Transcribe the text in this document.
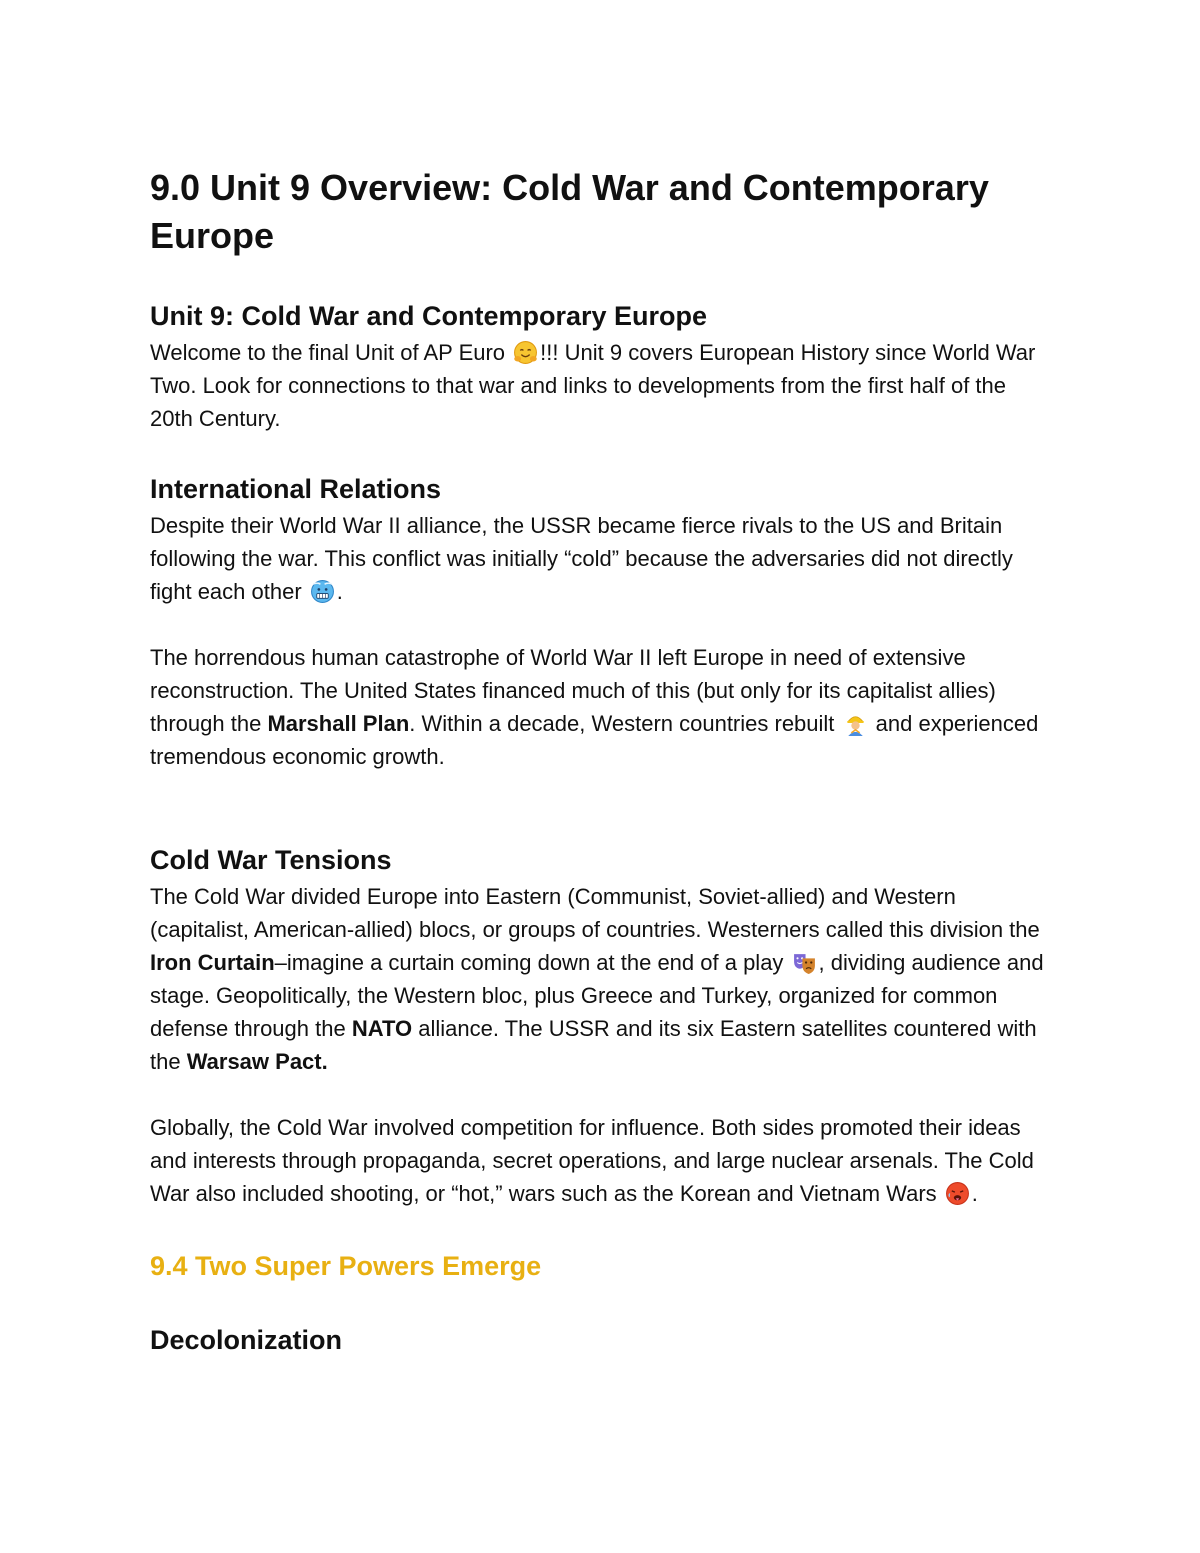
9.0 Unit 9 Overview: Cold War and Contemporary Europe
Unit 9: Cold War and Contemporary Europe

Welcome to the final Unit of AP Euro
!!! Unit 9 covers European History since World War Two. Look for connections to that war and links to developments from the first half of the 20th Century.

International Relations

Despite their World War II alliance, the USSR became fierce rivals to the US and Britain following the war. This conflict was initially “cold” because the adversaries did not directly fight each other
.

The horrendous human catastrophe of World War II left Europe in need of extensive reconstruction. The United States financed much of this (but only for its capitalist allies) through the Marshall Plan. Within a decade, Western countries rebuilt
and experienced tremendous economic growth.

Cold War Tensions

The Cold War divided Europe into Eastern (Communist, Soviet-allied) and Western (capitalist, American-allied) blocs, or groups of countries. Westerners called this division the Iron Curtain–imagine a curtain coming down at the end of a play
, dividing audience and stage. Geopolitically, the Western bloc, plus Greece and Turkey, organized for common defense through the NATO alliance. The USSR and its six Eastern satellites countered with the Warsaw Pact.

Globally, the Cold War involved competition for influence. Both sides promoted their ideas and interests through propaganda, secret operations, and large nuclear arsenals. The Cold War also included shooting, or “hot,” wars such as the Korean and Vietnam Wars
.

9.4 Two Super Powers Emerge
Decolonization
